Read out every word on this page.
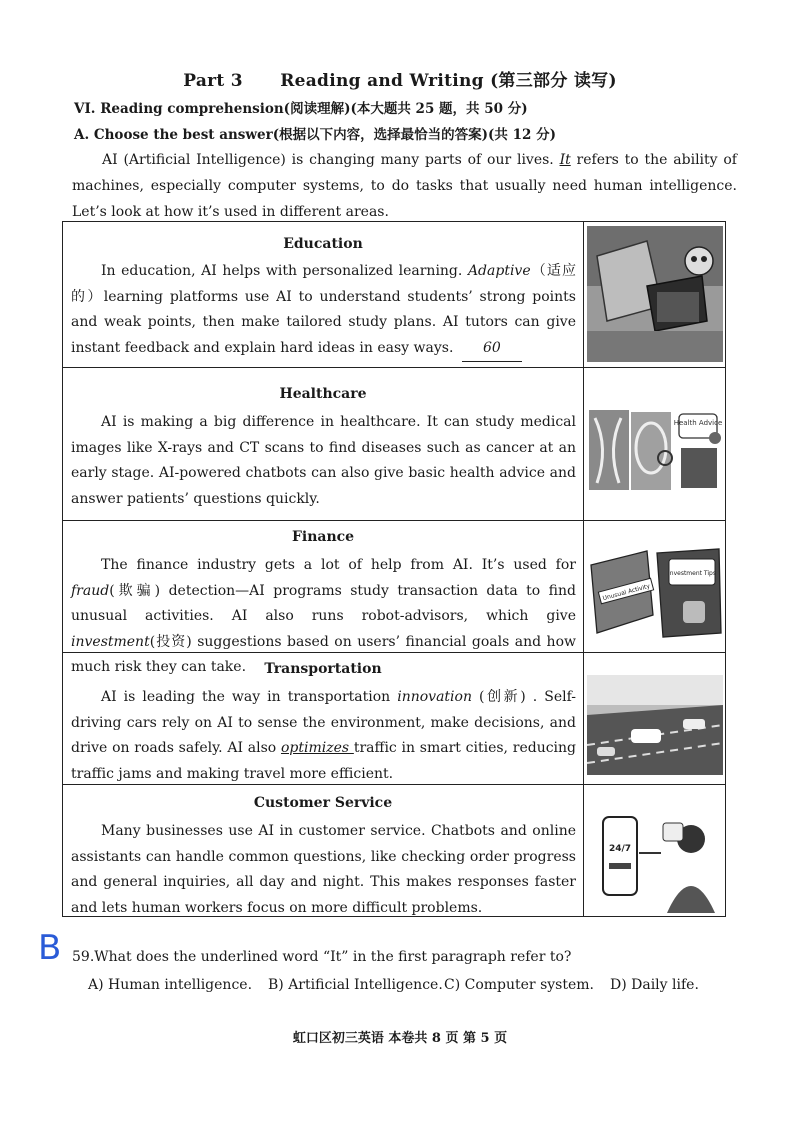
Part 3 Reading and Writing (第三部分 读写)
VI. Reading comprehension(阅读理解)(本大题共 25 题，共 50 分)
A. Choose the best answer(根据以下内容，选择最恰当的答案)(共 12 分)
AI (Artificial Intelligence) is changing many parts of our lives. It refers to the ability of machines, especially computer systems, to do tasks that usually need human intelligence. Let’s look at how it’s used in different areas.
Education
In education, AI helps with personalized learning. Adaptive（适应的）learning platforms use AI to understand students’ strong points and weak points, then make tailored study plans. AI tutors can give instant feedback and explain hard ideas in easy ways. 60
Healthcare
AI is making a big difference in healthcare. It can study medical images like X-rays and CT scans to find diseases such as cancer at an early stage. AI-powered chatbots can also give basic health advice and answer patients’ questions quickly.
Health Advice
Finance
The finance industry gets a lot of help from AI. It’s used for fraud(欺骗) detection—AI programs study transaction data to find unusual activities. AI also runs robot-advisors, which give investment(投资) suggestions based on users’ financial goals and how much risk they can take.
Unusual Activity
Investment Tips
Transportation
AI is leading the way in transportation innovation (创新) . Self-driving cars rely on AI to sense the environment, make decisions, and drive on roads safely. AI also optimizes traffic in smart cities, reducing traffic jams and making travel more efficient.
Customer Service
Many businesses use AI in customer service. Chatbots and online assistants can handle common questions, like checking order progress and general inquiries, all day and night. This makes responses faster and lets human workers focus on more difficult problems.
24/7
B 59.What does the underlined word “It” in the first paragraph refer to?
A) Human intelligence. B) Artificial Intelligence. C) Computer system. D) Daily life.
虹口区初三英语 本卷共 8 页 第 5 页
